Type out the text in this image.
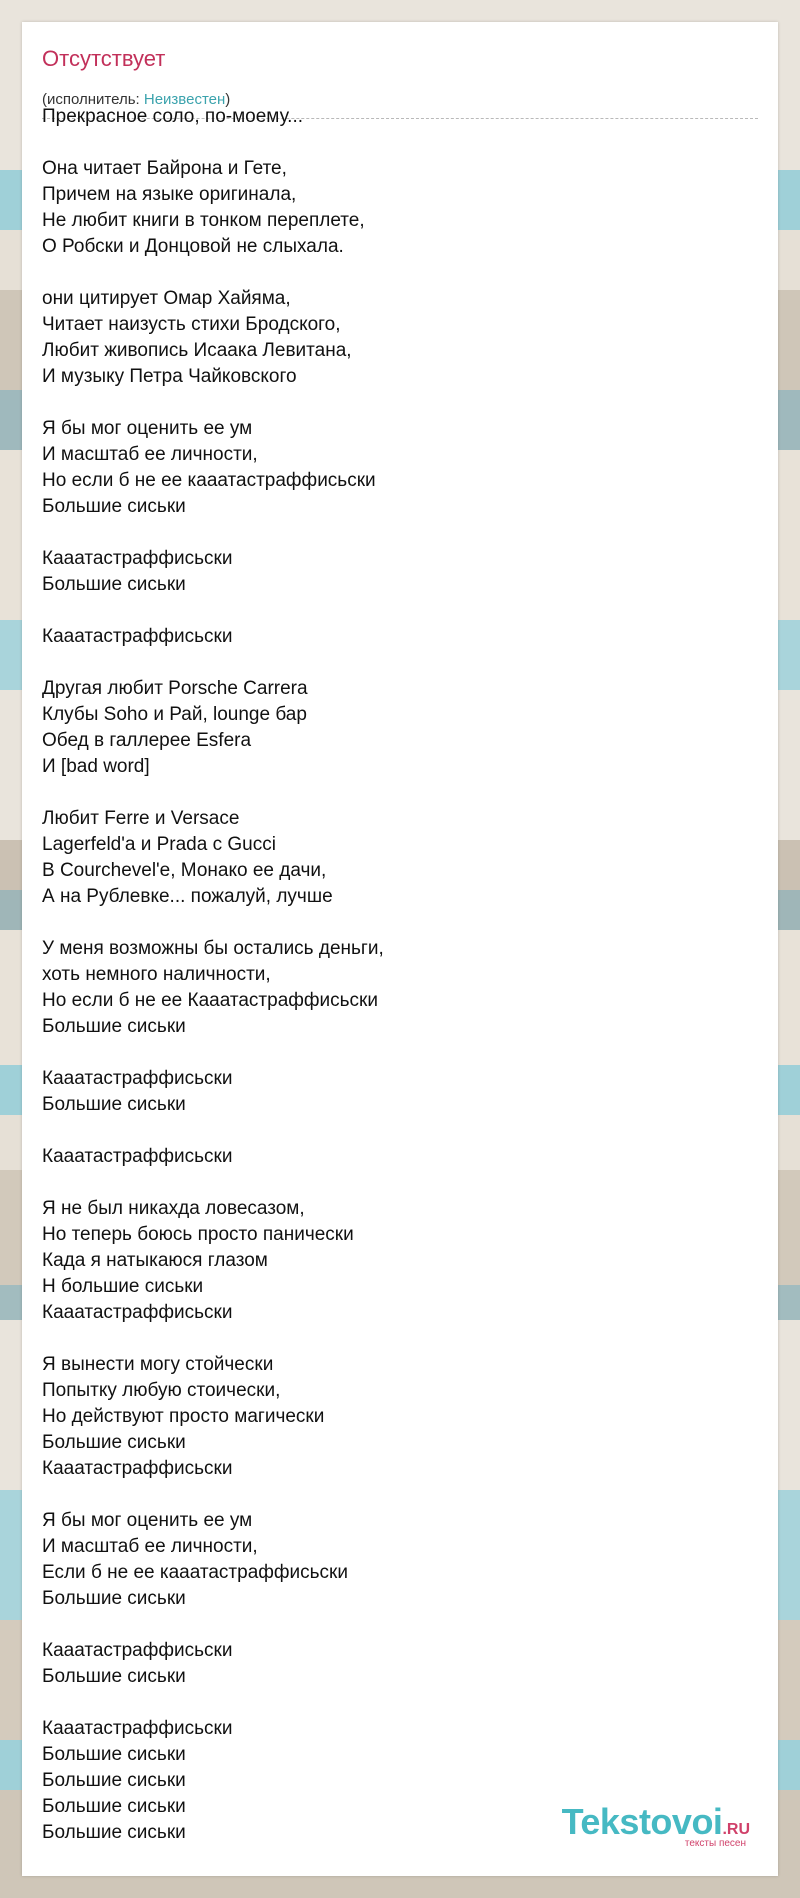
Отсутствует
(исполнитель: Неизвестен)
Прекрасное соло, по-моему...
Она читает Байрона и Гете,
Причем на языке оригинала,
Не любит книги в тонком переплете,
О Робски и Донцовой не слыхала.
они цитирует Омар Хайяма,
Читает наизусть стихи Бродского,
Любит живопись Исаака Левитана,
И музыку Петра Чайковского
Я бы мог оценить ее ум
И масштаб ее личности,
Но если б не ее кааатастраффисьски
Большие сиськи
Кааатастраффисьски
Большие сиськи
Кааатастраффисьски
Другая любит Porsche Carrera
Клубы Soho и Рай, lounge бар
Обед в галлерее Esfera
И [bad word]
Любит Ferre и Versace
Lagerfeld'a и Prada с Gucci
В Courchevel'e, Монако ее дачи,
А на Рублевке... пожалуй, лучше
У меня возможны бы остались деньги,
хоть немного наличности,
Но если б не ее Кааатастраффисьски
Большие сиськи
Кааатастраффисьски
Большие сиськи
Кааатастраффисьски
Я не был никахда ловесазом,
Но теперь боюсь просто панически
Када я натыкаюся глазом
Н большие сиськи
Кааатастраффисьски
Я вынести могу стойчески
Попытку любую стоически,
Но действуют просто магически
Большие сиськи
Кааатастраффисьски
Я бы мог оценить ее ум
И масштаб ее личности,
Если б не ее кааатастраффисьски
Большие сиськи
Кааатастраффисьски
Большие сиськи
Кааатастраффисьски
Большие сиськи
Большие сиськи
Большие сиськи
Большие сиськи	Tekstovoi.RU
тексты песен
